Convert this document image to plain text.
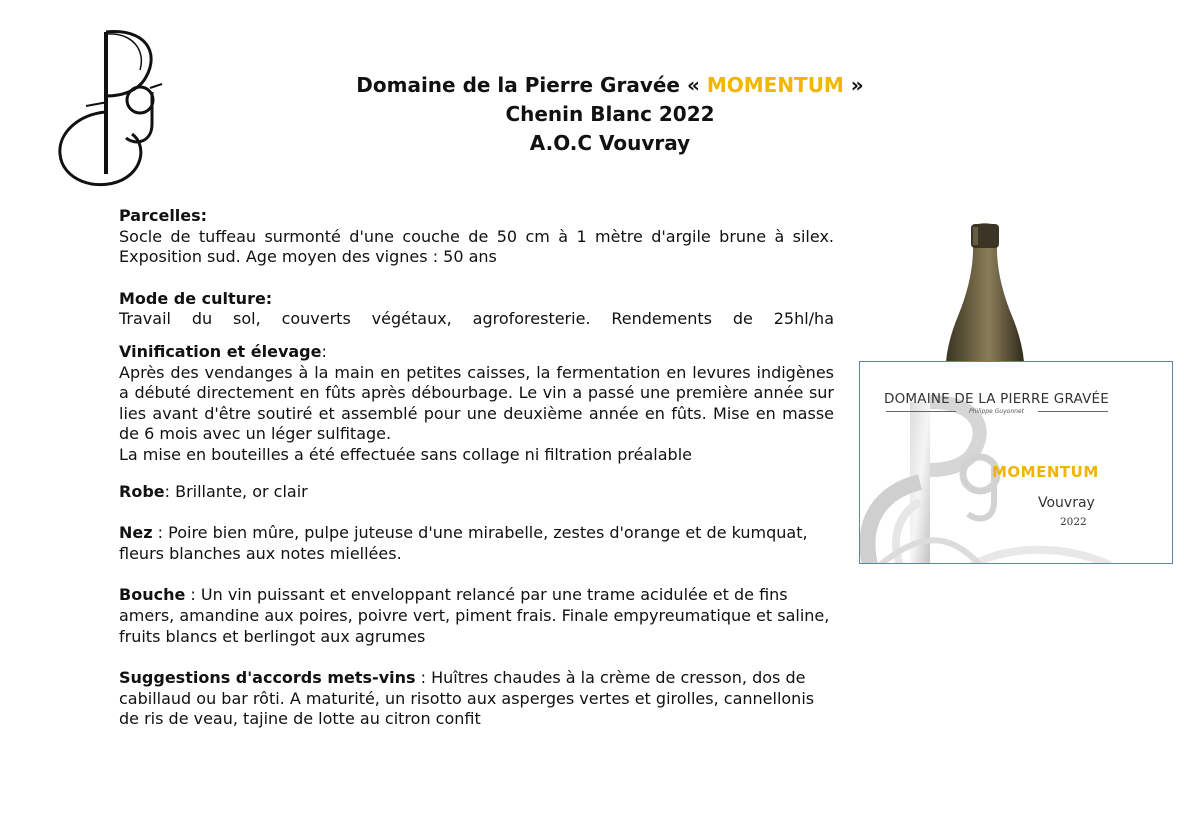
Domaine de la Pierre Gravée « MOMENTUM »
Chenin Blanc 2022
A.O.C Vouvray
Parcelles:
Socle de tuffeau surmonté d'une couche de 50 cm à 1 mètre d'argile brune à silex. Exposition sud. Age moyen des vignes : 50 ans
Mode de culture:
Travail du sol, couverts végétaux, agroforesterie. Rendements de 25hl/ha
Vinification et élevage:
Après des vendanges à la main en petites caisses, la fermentation en levures indigènes a débuté directement en fûts après débourbage. Le vin a passé une première année sur lies avant d'être soutiré et assemblé pour une deuxième année en fûts. Mise en masse de 6 mois avec un léger sulfitage.
La mise en bouteilles a été effectuée sans collage ni filtration préalable
Robe: Brillante, or clair
Nez : Poire bien mûre, pulpe juteuse d'une mirabelle, zestes d'orange et de kumquat, fleurs blanches aux notes miellées.
Bouche : Un vin puissant et enveloppant relancé par une trame acidulée et de fins amers, amandine aux poires, poivre vert, piment frais. Finale empyreumatique et saline, fruits blancs et berlingot aux agrumes
Suggestions d'accords mets-vins : Huîtres chaudes à la crème de cresson, dos de cabillaud ou bar rôti. A maturité, un risotto aux asperges vertes et girolles, cannellonis de ris de veau, tajine de lotte au citron confit
DOMAINE DE LA PIERRE GRAVÉE
Philippe Guyonnet
MOMENTUM
Vouvray
2022
